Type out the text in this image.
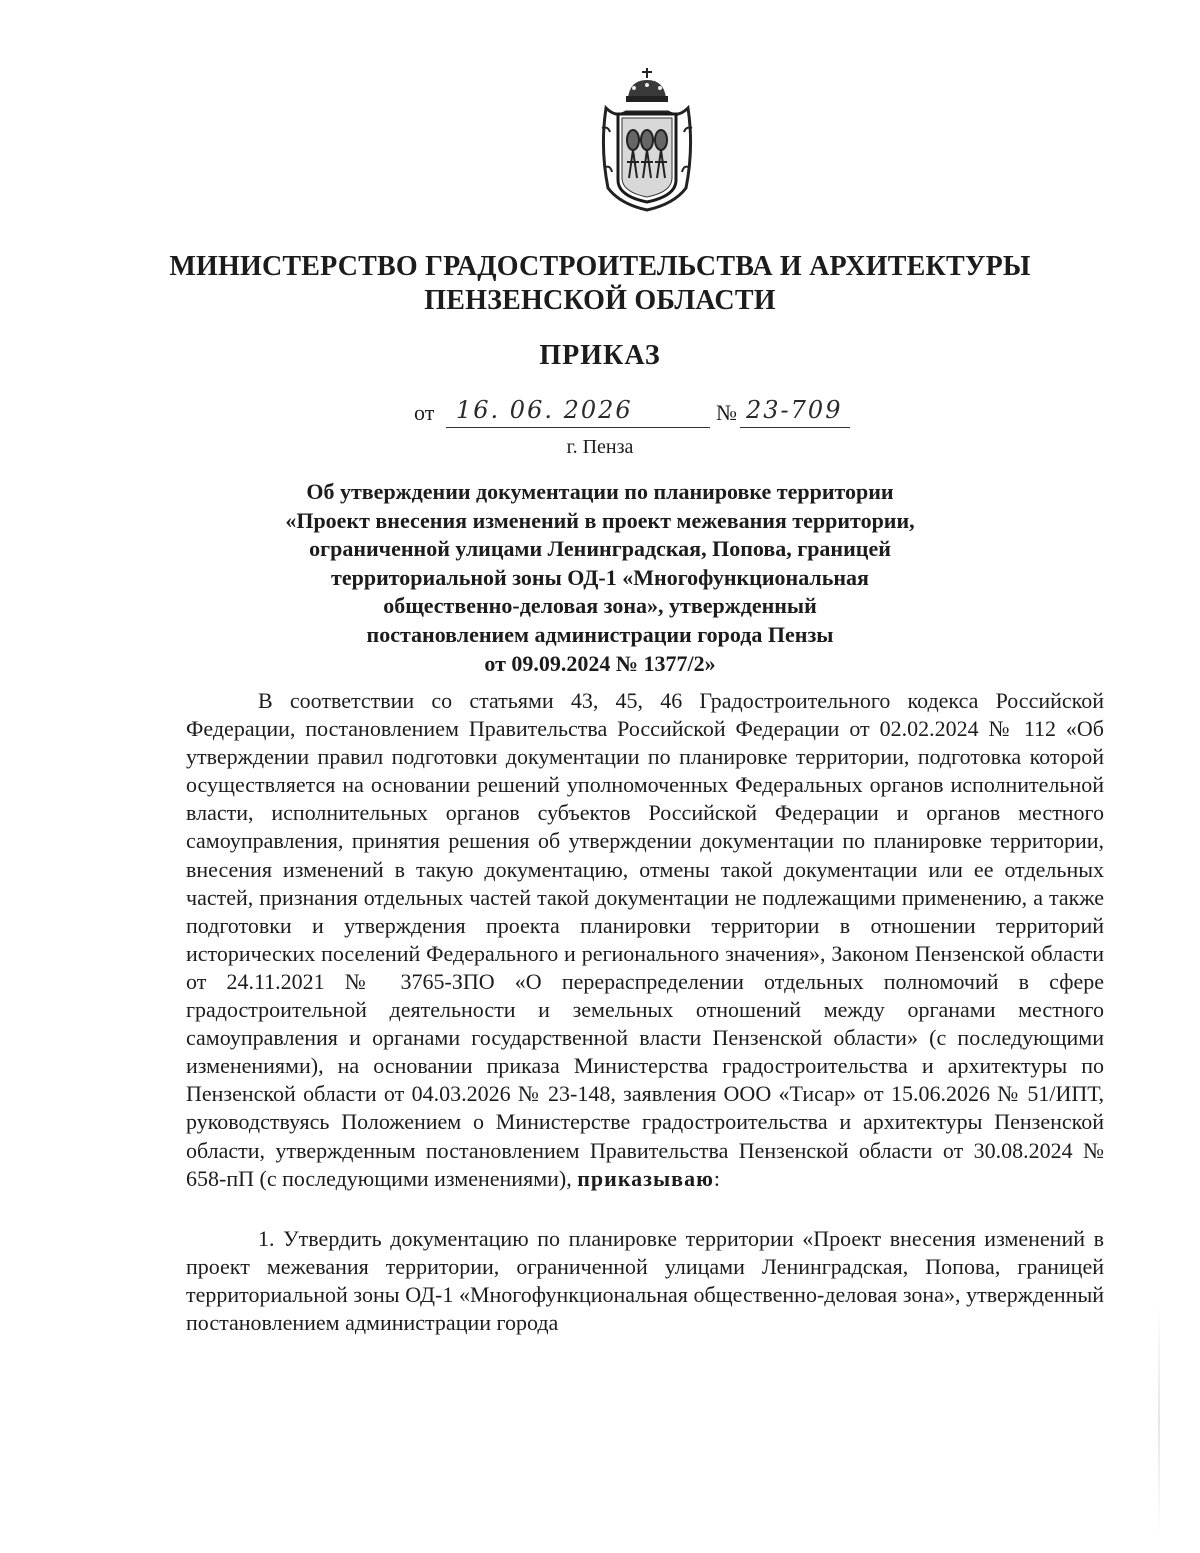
МИНИСТЕРСТВО ГРАДОСТРОИТЕЛЬСТВА И АРХИТЕКТУРЫ
ПЕНЗЕНСКОЙ ОБЛАСТИ
ПРИКАЗ
от 16. 06. 2026	№ 23-709
г. Пенза
Об утверждении документации по планировке территории
«Проект внесения изменений в проект межевания территории,
ограниченной улицами Ленинградская, Попова, границей
территориальной зоны ОД-1 «Многофункциональная
общественно-деловая зона», утвержденный
постановлением администрации города Пензы
от 09.09.2024 № 1377/2»

В соответствии со статьями 43, 45, 46 Градостроительного кодекса Российской Федерации, постановлением Правительства Российской Федерации от 02.02.2024 № 112 «Об утверждении правил подготовки документации по планировке территории, подготовка которой осуществляется на основании решений уполномоченных Федеральных органов исполнительной власти, исполнительных органов субъектов Российской Федерации и органов местного самоуправления, принятия решения об утверждении документации по планировке территории, внесения изменений в такую документацию, отмены такой документации или ее отдельных частей, признания отдельных частей такой документации не подлежащими применению, а также подготовки и утверждения проекта планировки территории в отношении территорий исторических поселений Федерального и регионального значения», Законом Пензенской области от 24.11.2021 № 3765-ЗПО «О перераспределении отдельных полномочий в сфере градостроительной деятельности и земельных отношений между органами местного самоуправления и органами государственной власти Пензенской области» (с последующими изменениями), на основании приказа Министерства градостроительства и архитектуры по Пензенской области от 04.03.2026 № 23-148, заявления ООО «Тисар» от 15.06.2026 № 51/ИПТ, руководствуясь Положением о Министерстве градостроительства и архитектуры Пензенской области, утвержденным постановлением Правительства Пензенской области от 30.08.2024 № 658-пП (с последующими изменениями), приказываю:

1. Утвердить документацию по планировке территории «Проект внесения изменений в проект межевания территории, ограниченной улицами Ленинградская, Попова, границей территориальной зоны ОД-1 «Многофункциональная общественно-деловая зона», утвержденный постановлением администрации города
